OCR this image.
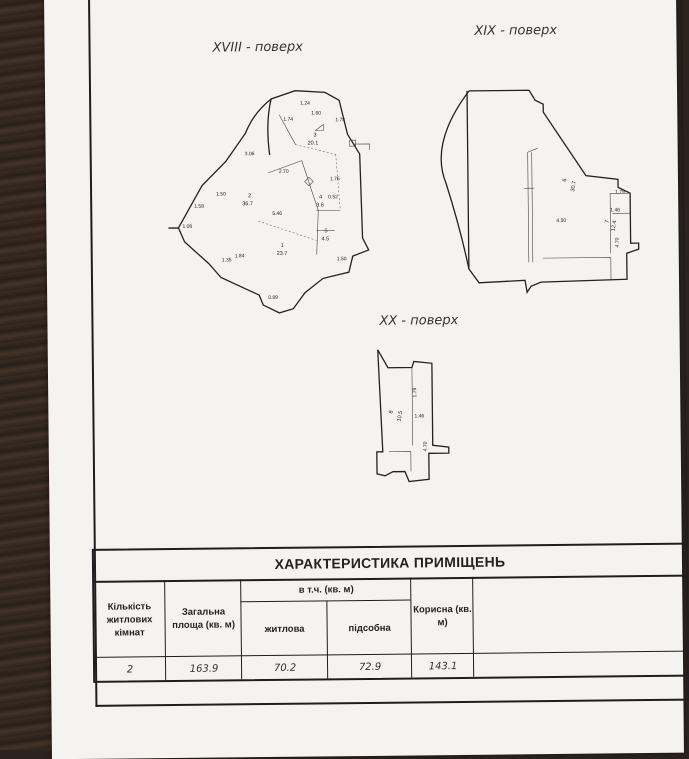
XVIII - поверх
XIX - поверх
XX - поверх
3
20.1
2
36.7
4
3.6
5
4.5
1
23.7
1.24
1.74
1.60
1.78
3.06
1.50
2.70
1.75
5.46
1.58
1.08
1.35
1.84
0.52
0.89
1.50
6
30.7
7 12.4
1.79
1.46
4.50
4.70
8 10.5
1.79
1.46
4.70
ХАРАКТЕРИСТИКА ПРИМІЩЕНЬ
Кількість житлових кімнат
Загальна площа (кв. м)
в т.ч. (кв. м)
житлова	підсобна
Корисна (кв. м)
2	163.9	70.2	72.9	143.1
